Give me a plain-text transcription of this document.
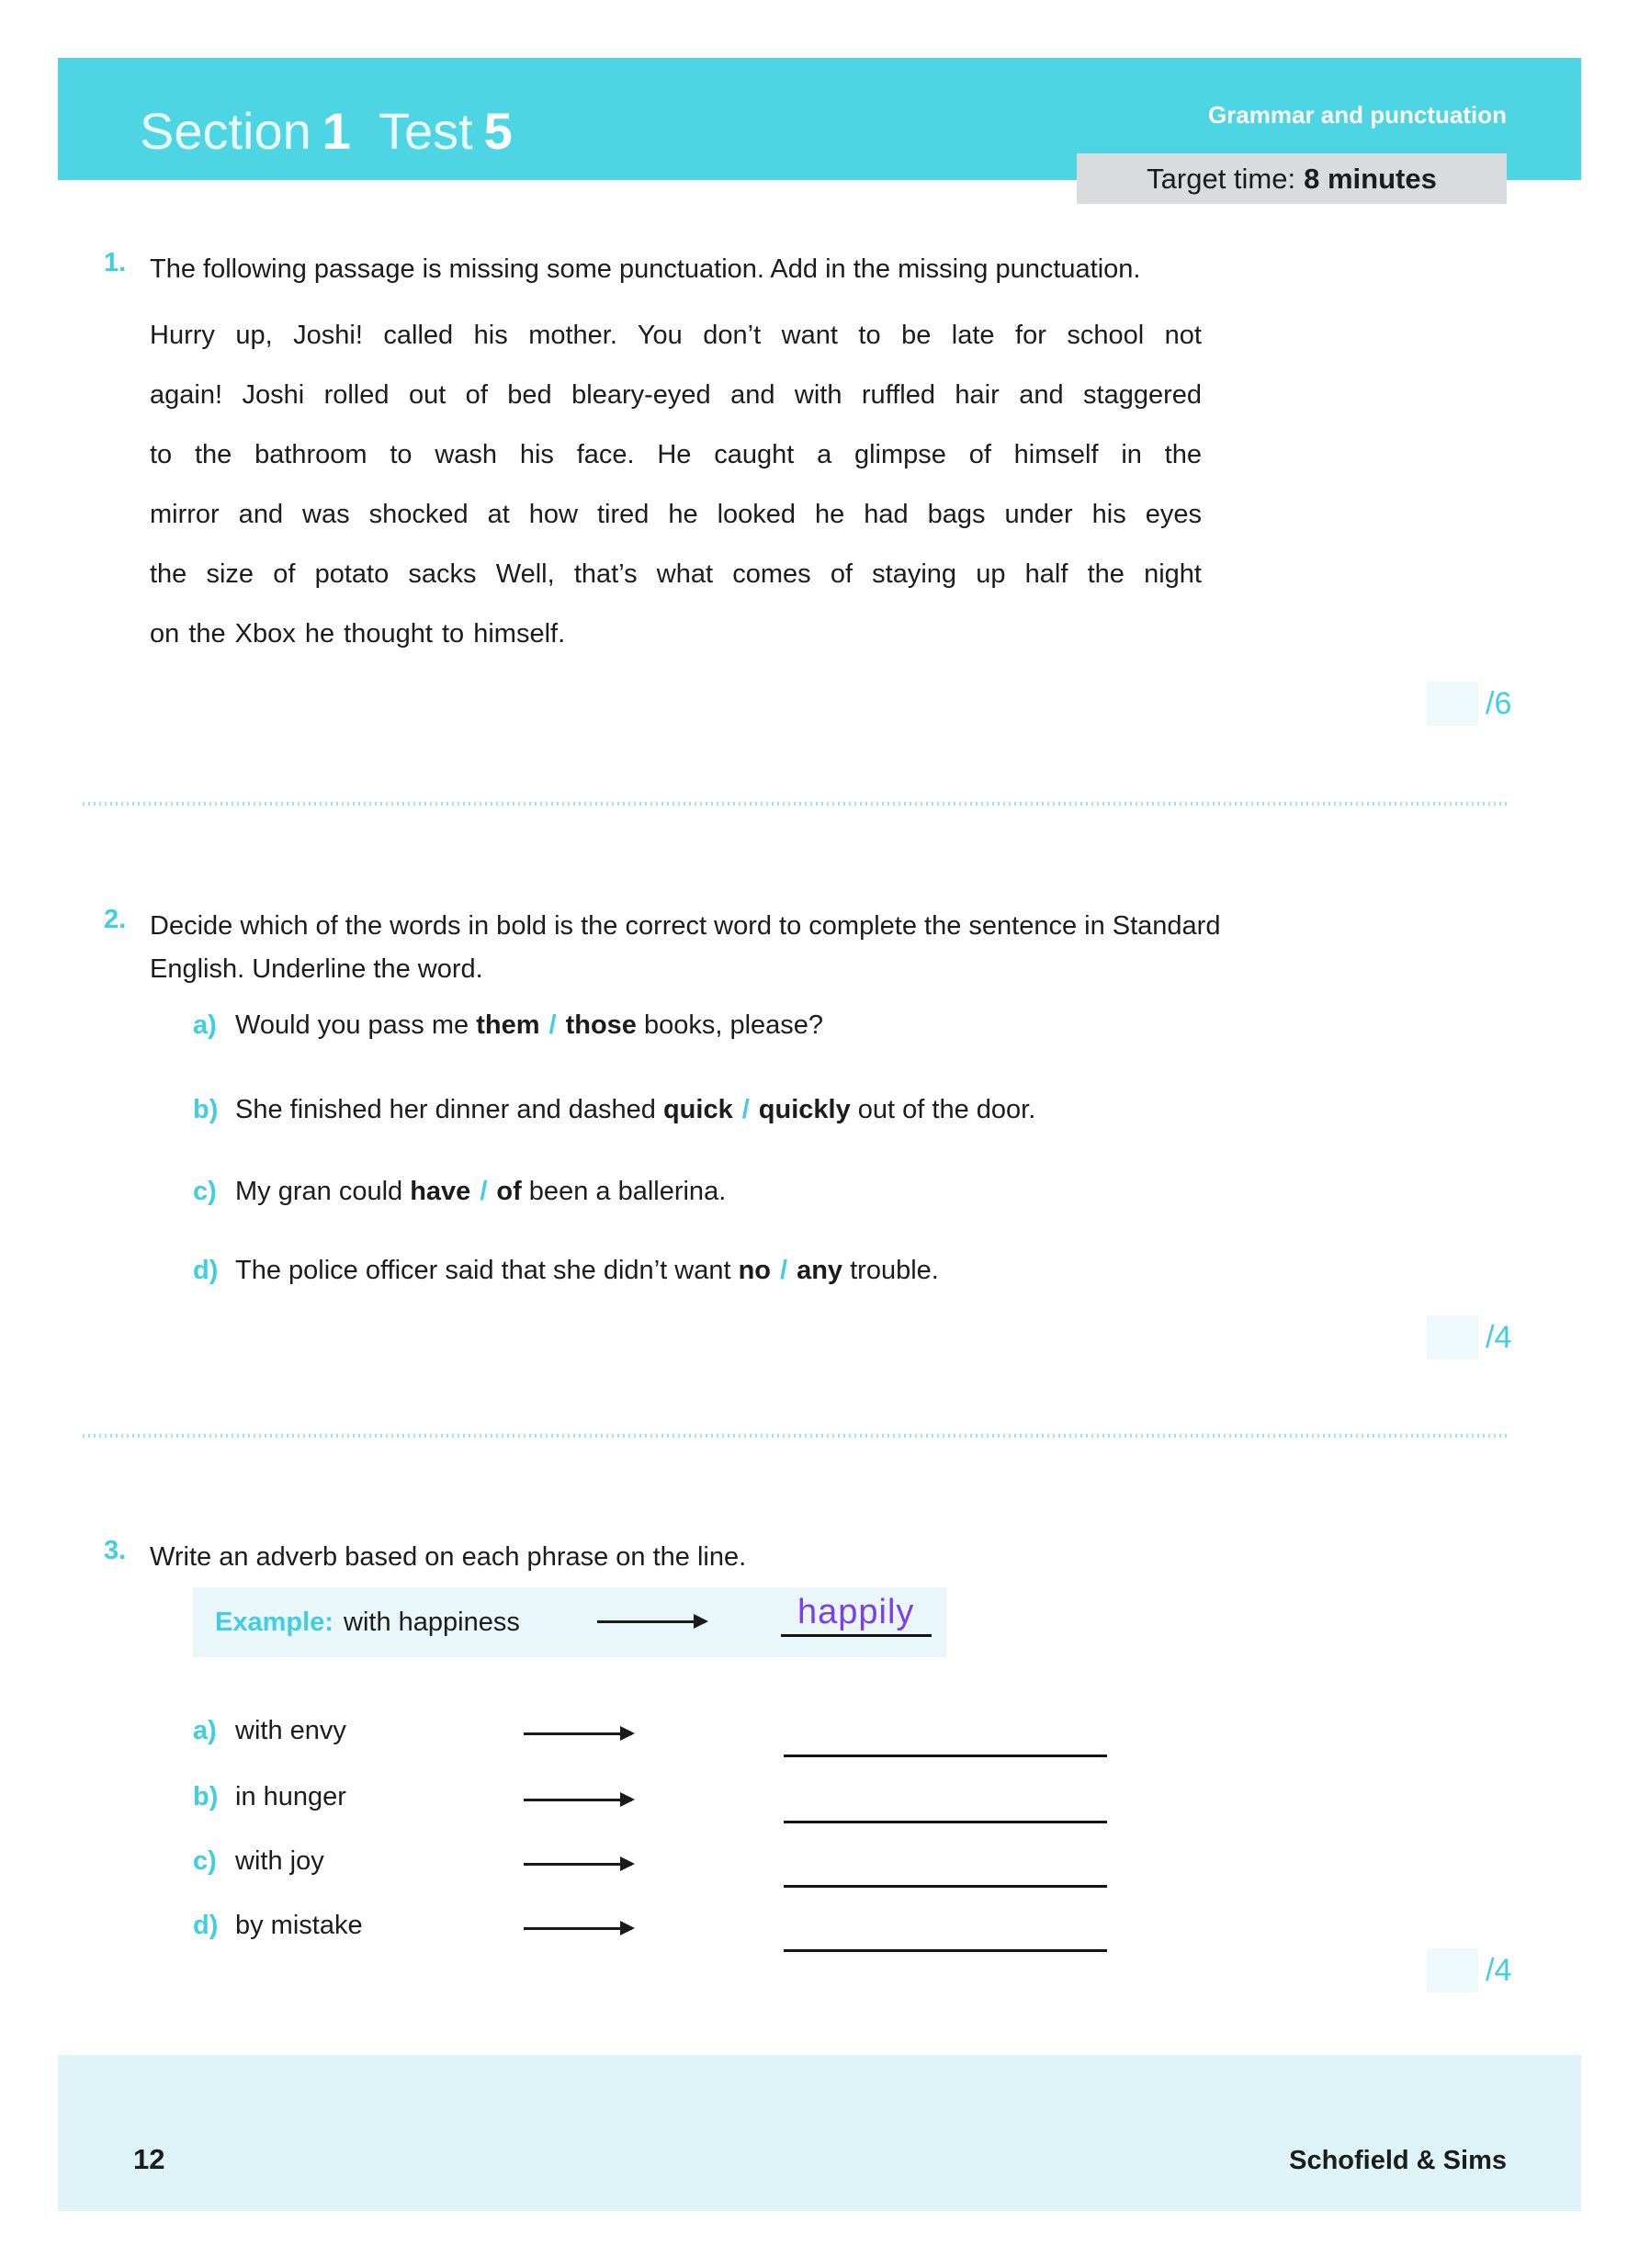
Section 1 Test 5	Grammar and punctuation
Target time: 8 minutes
1. The following passage is missing some punctuation. Add in the missing punctuation.
Hurry up, Joshi! called his mother. You don’t want to be late for school not
again! Joshi rolled out of bed bleary-eyed and with ruffled hair and staggered
to the bathroom to wash his face. He caught a glimpse of himself in the
mirror and was shocked at how tired he looked he had bags under his eyes
the size of potato sacks Well, that’s what comes of staying up half the night
on the Xbox he thought to himself.
/6
2. Decide which of the words in bold is the correct word to complete the sentence in Standard English. Underline the word.
a) Would you pass me them / those books, please?
b) She finished her dinner and dashed quick / quickly out of the door.
c) My gran could have / of been a ballerina.
d) The police officer said that she didn’t want no / any trouble.
/4
3. Write an adverb based on each phrase on the line.
Example: with happiness	happily
a) with envy
b) in hunger
c) with joy
d) by mistake
/4
12	Schofield & Sims
